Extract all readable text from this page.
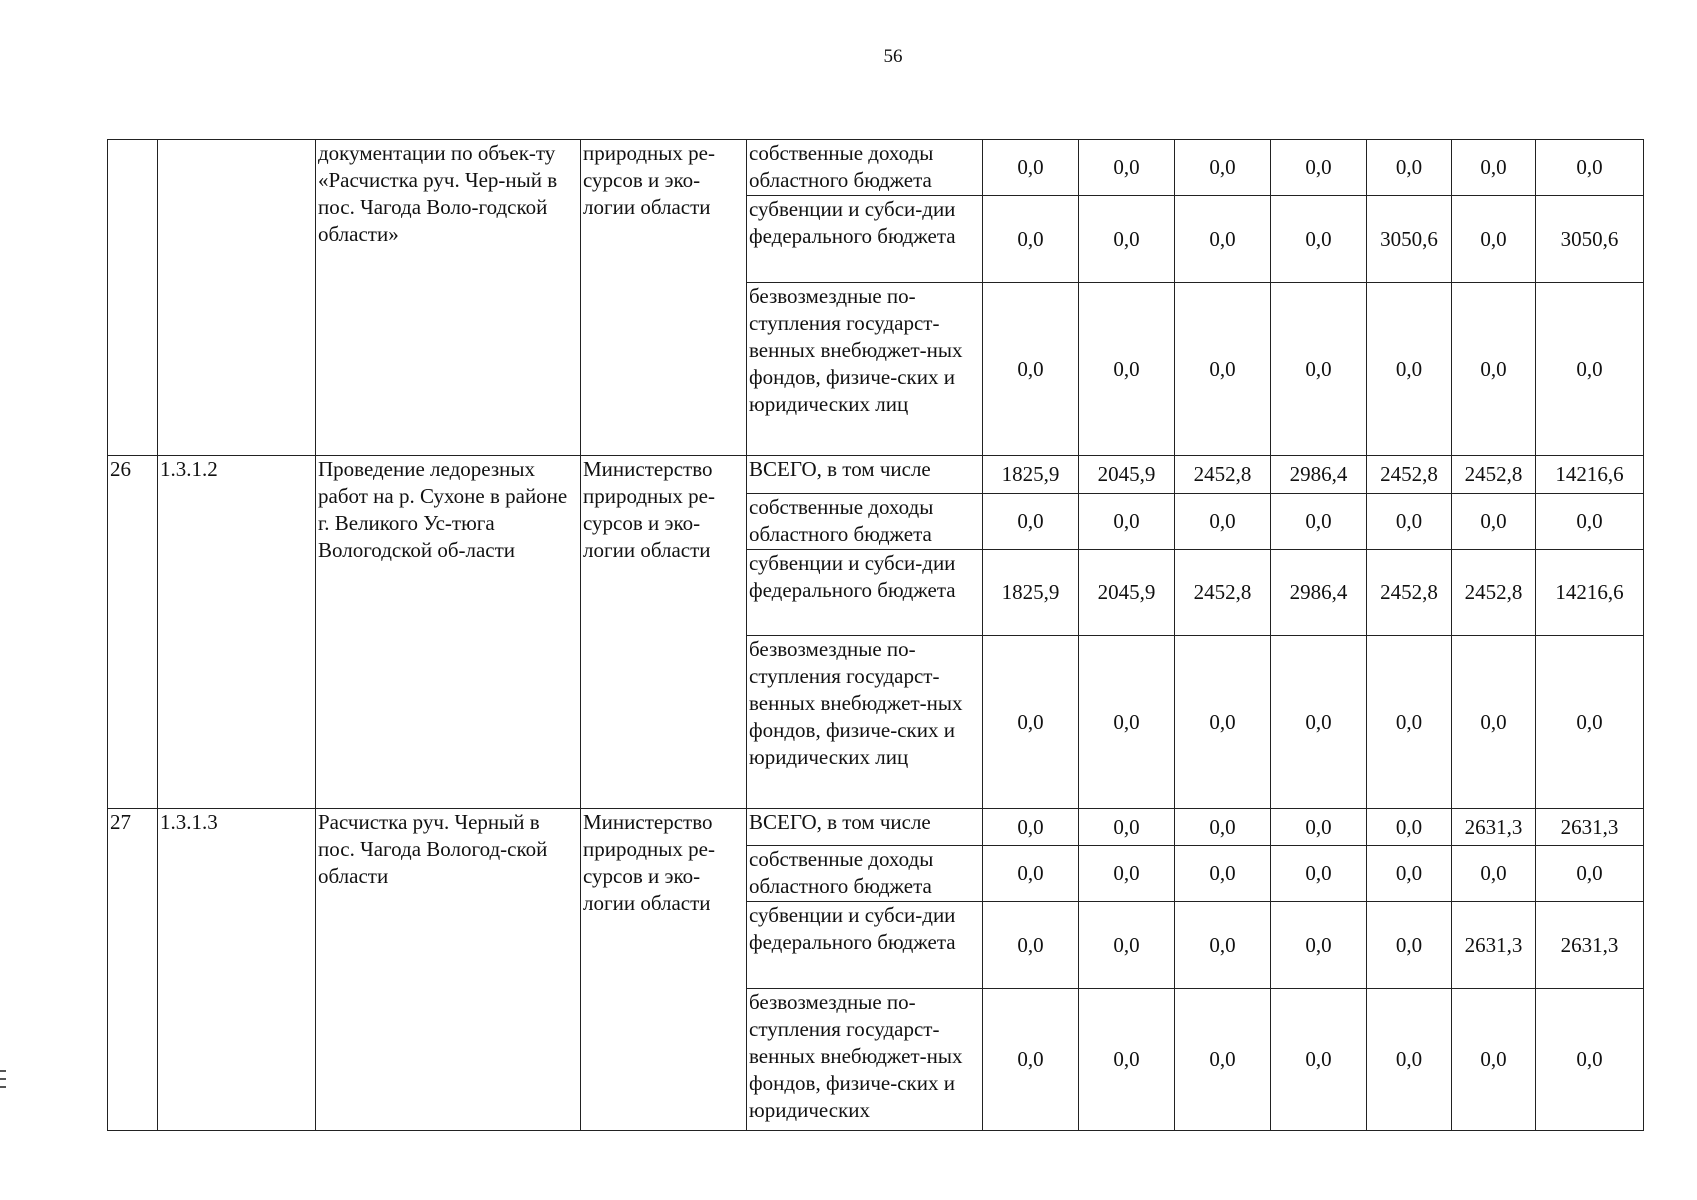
56
		документации по объек-ту «Расчистка руч. Чер-ный в пос. Чагода Воло-годской области»	природных ре-сурсов и эко-логии области	собственные доходы областного бюджета	0,0	0,0	0,0	0,0	0,0	0,0	0,0
				субвенции и субси-дии федерального бюджета	0,0	0,0	0,0	0,0	3050,6	0,0	3050,6
				безвозмездные по-ступления государст-венных внебюджет-ных фондов, физиче-ских и юридических лиц	0,0	0,0	0,0	0,0	0,0	0,0	0,0
26	1.3.1.2	Проведение ледорезных работ на р. Сухоне в районе г. Великого Ус-тюга Вологодской об-ласти	Министерство природных ре-сурсов и эко-логии области	ВСЕГО, в том числе	1825,9	2045,9	2452,8	2986,4	2452,8	2452,8	14216,6
				собственные доходы областного бюджета	0,0	0,0	0,0	0,0	0,0	0,0	0,0
				субвенции и субси-дии федерального бюджета	1825,9	2045,9	2452,8	2986,4	2452,8	2452,8	14216,6
				безвозмездные по-ступления государст-венных внебюджет-ных фондов, физиче-ских и юридических лиц	0,0	0,0	0,0	0,0	0,0	0,0	0,0
27	1.3.1.3	Расчистка руч. Черный в пос. Чагода Вологод-ской области	Министерство природных ре-сурсов и эко-логии области	ВСЕГО, в том числе	0,0	0,0	0,0	0,0	0,0	2631,3	2631,3
				собственные доходы областного бюджета	0,0	0,0	0,0	0,0	0,0	0,0	0,0
				субвенции и субси-дии федерального бюджета	0,0	0,0	0,0	0,0	0,0	2631,3	2631,3
				безвозмездные по-ступления государст-венных внебюджет-ных фондов, физиче-ских и юридических	0,0	0,0	0,0	0,0	0,0	0,0	0,0
